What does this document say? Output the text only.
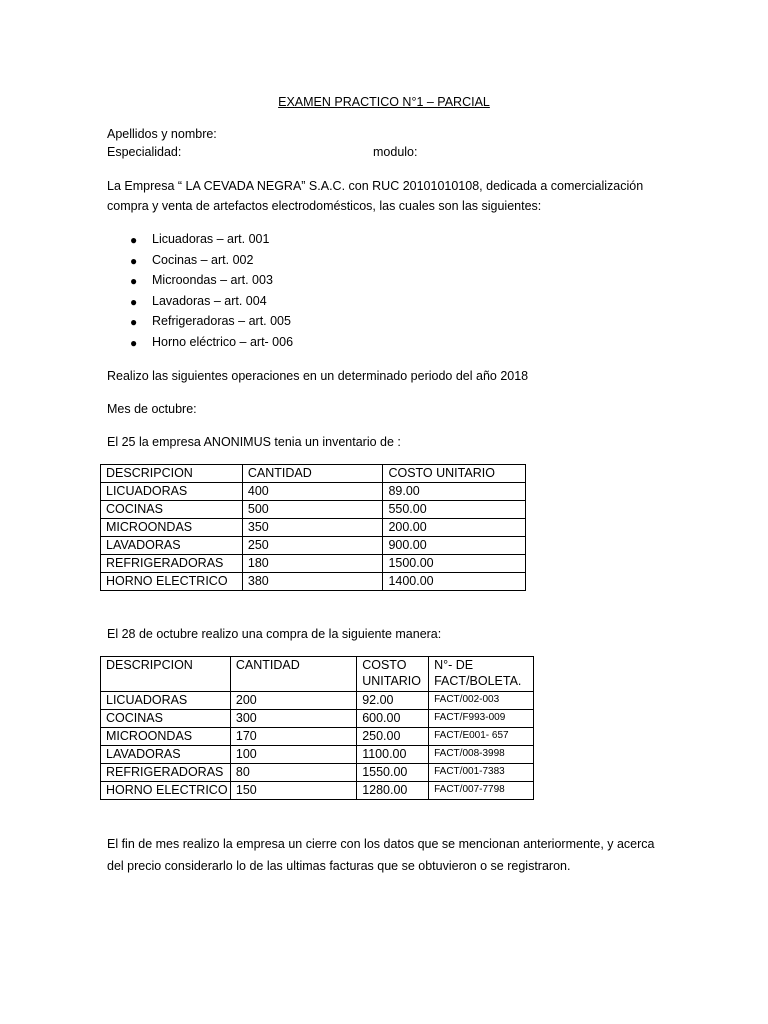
EXAMEN PRACTICO N°1 – PARCIAL
Apellidos y nombre:
Especialidad:	modulo:
La Empresa “ LA CEVADA NEGRA” S.A.C. con RUC 20101010108, dedicada a comercialización
compra y venta de artefactos electrodomésticos, las cuales son las siguientes:
● Licuadoras – art. 001
● Cocinas – art. 002
● Microondas – art. 003
● Lavadoras – art. 004
● Refrigeradoras – art. 005
● Horno eléctrico – art- 006
Realizo las siguientes operaciones en un determinado periodo del año 2018
Mes de octubre:
El 25 la empresa ANONIMUS tenia un inventario de :
DESCRIPCION	CANTIDAD	COSTO UNITARIO
LICUADORAS	400	89.00
COCINAS	500	550.00
MICROONDAS	350	200.00
LAVADORAS	250	900.00
REFRIGERADORAS	180	1500.00
HORNO ELECTRICO	380	1400.00
El 28 de octubre realizo una compra de la siguiente manera:
DESCRIPCION	CANTIDAD	COSTO UNITARIO	N°- DE FACT/BOLETA.
LICUADORAS	200	92.00	FACT/002-003
COCINAS	300	600.00	FACT/F993-009
MICROONDAS	170	250.00	FACT/E001- 657
LAVADORAS	100	1100.00	FACT/008-3998
REFRIGERADORAS	80	1550.00	FACT/001-7383
HORNO ELECTRICO	150	1280.00	FACT/007-7798
El fin de mes realizo la empresa un cierre con los datos que se mencionan anteriormente, y acerca
del precio considerarlo lo de las ultimas facturas que se obtuvieron o se registraron.
